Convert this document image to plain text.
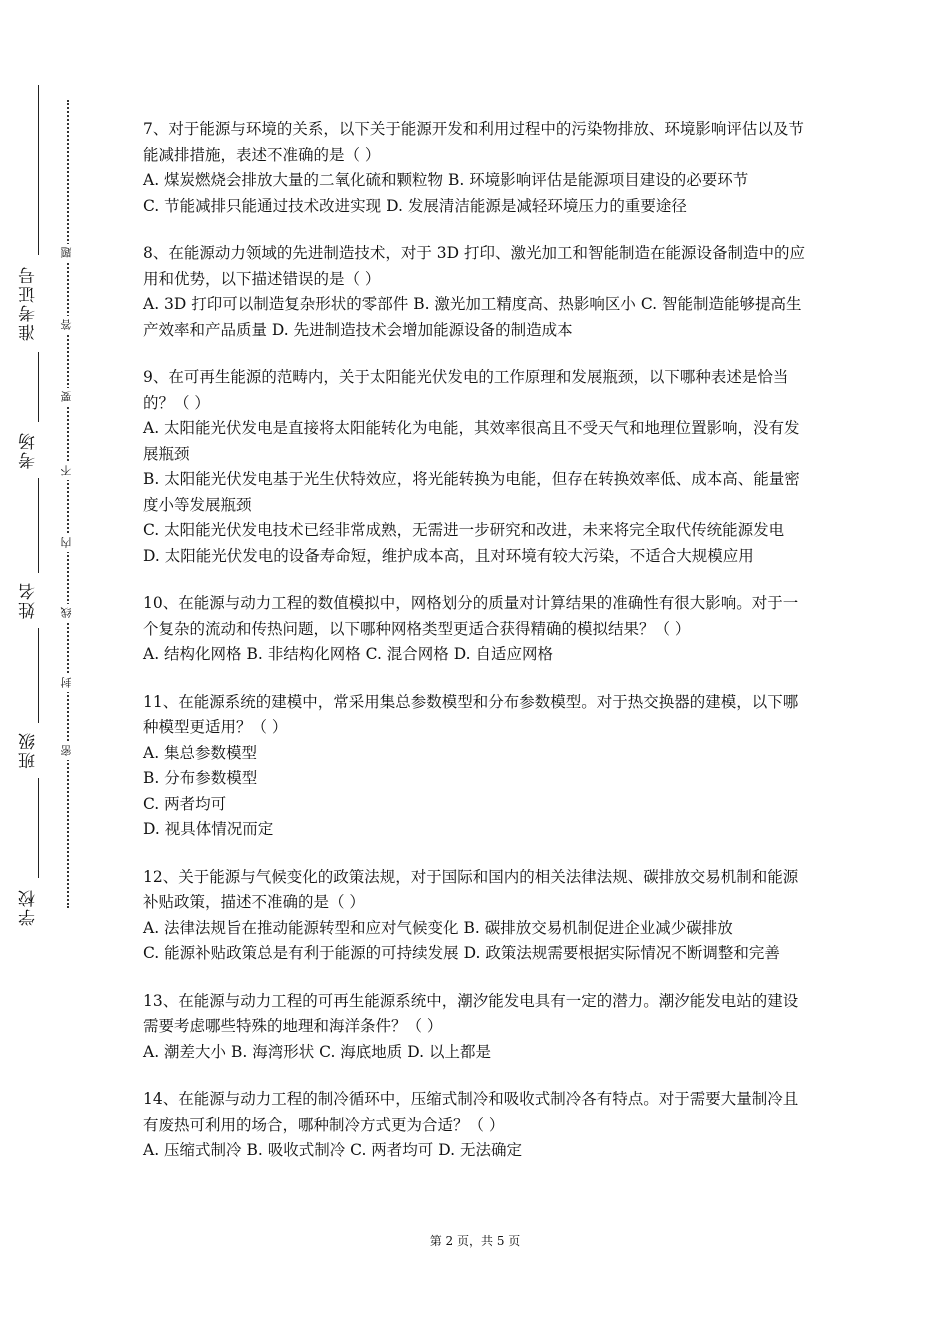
准考证号
考场
姓名
班级
学校
密
封
线
内
不
要
答
题

7、对于能源与环境的关系，以下关于能源开发和利用过程中的污染物排放、环境影响评估以及节能减排措施，表述不准确的是（ ）

A. 煤炭燃烧会排放大量的二氧化硫和颗粒物 B. 环境影响评估是能源项目建设的必要环节

C. 节能减排只能通过技术改进实现 D. 发展清洁能源是减轻环境压力的重要途径

8、在能源动力领域的先进制造技术，对于 3D 打印、激光加工和智能制造在能源设备制造中的应用和优势，以下描述错误的是（ ）

A. 3D 打印可以制造复杂形状的零部件 B. 激光加工精度高、热影响区小 C. 智能制造能够提高生产效率和产品质量 D. 先进制造技术会增加能源设备的制造成本

9、在可再生能源的范畴内，关于太阳能光伏发电的工作原理和发展瓶颈，以下哪种表述是恰当的？（ ）

A. 太阳能光伏发电是直接将太阳能转化为电能，其效率很高且不受天气和地理位置影响，没有发展瓶颈

B. 太阳能光伏发电基于光生伏特效应，将光能转换为电能，但存在转换效率低、成本高、能量密度小等发展瓶颈

C. 太阳能光伏发电技术已经非常成熟，无需进一步研究和改进，未来将完全取代传统能源发电

D. 太阳能光伏发电的设备寿命短，维护成本高，且对环境有较大污染，不适合大规模应用

10、在能源与动力工程的数值模拟中，网格划分的质量对计算结果的准确性有很大影响。对于一个复杂的流动和传热问题，以下哪种网格类型更适合获得精确的模拟结果？（ ）

A. 结构化网格 B. 非结构化网格 C. 混合网格 D. 自适应网格

11、在能源系统的建模中，常采用集总参数模型和分布参数模型。对于热交换器的建模，以下哪种模型更适用？（ ）

A. 集总参数模型

B. 分布参数模型

C. 两者均可

D. 视具体情况而定

12、关于能源与气候变化的政策法规，对于国际和国内的相关法律法规、碳排放交易机制和能源补贴政策，描述不准确的是（ ）

A. 法律法规旨在推动能源转型和应对气候变化 B. 碳排放交易机制促进企业减少碳排放

C. 能源补贴政策总是有利于能源的可持续发展 D. 政策法规需要根据实际情况不断调整和完善

13、在能源与动力工程的可再生能源系统中，潮汐能发电具有一定的潜力。潮汐能发电站的建设需要考虑哪些特殊的地理和海洋条件？（ ）

A. 潮差大小 B. 海湾形状 C. 海底地质 D. 以上都是

14、在能源与动力工程的制冷循环中，压缩式制冷和吸收式制冷各有特点。对于需要大量制冷且有废热可利用的场合，哪种制冷方式更为合适？（ ）

A. 压缩式制冷 B. 吸收式制冷 C. 两者均可 D. 无法确定

第 2 页，共 5 页
